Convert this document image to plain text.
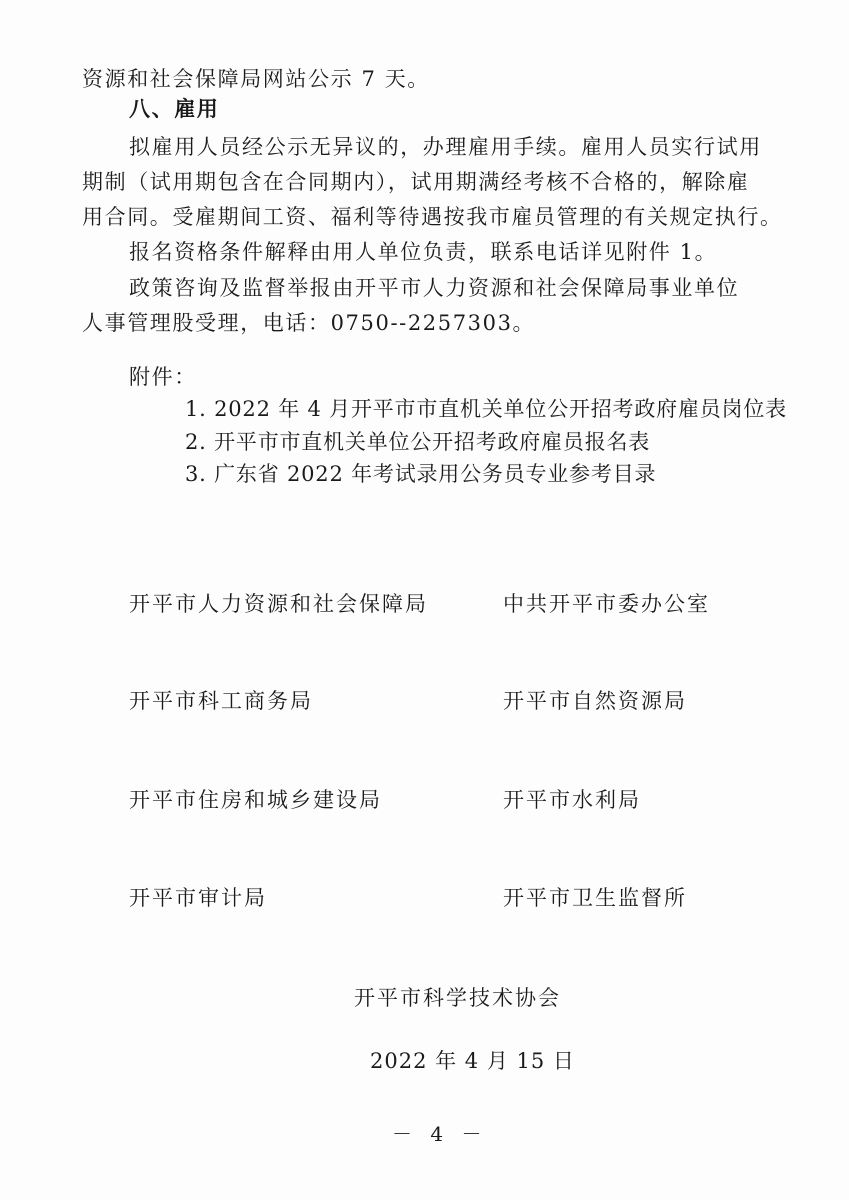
资源和社会保障局网站公示 7 天。
八、雇用
拟雇用人员经公示无异议的，办理雇用手续。雇用人员实行试用
期制（试用期包含在合同期内），试用期满经考核不合格的，解除雇
用合同。受雇期间工资、福利等待遇按我市雇员管理的有关规定执行。
报名资格条件解释由用人单位负责，联系电话详见附件 1。
政策咨询及监督举报由开平市人力资源和社会保障局事业单位
人事管理股受理，电话：0750--2257303。
附件：
1. 2022 年 4 月开平市市直机关单位公开招考政府雇员岗位表
2. 开平市市直机关单位公开招考政府雇员报名表
3. 广东省 2022 年考试录用公务员专业参考目录
开平市人力资源和社会保障局	中共开平市委办公室
开平市科工商务局	开平市自然资源局
开平市住房和城乡建设局	开平市水利局
开平市审计局	开平市卫生监督所
开平市科学技术协会
2022 年 4 月 15 日
－ 4 －
